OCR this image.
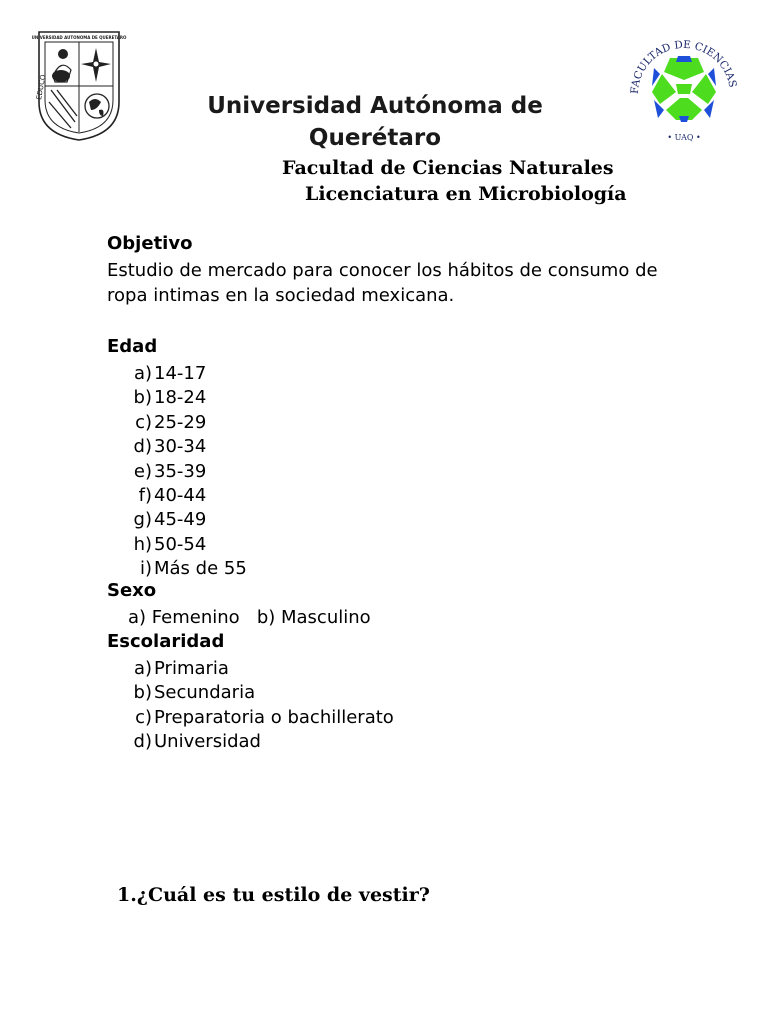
UNIVERSIDAD AUTONOMA DE QUERETARO
EDUCO	FACULTAD DE CIENCIAS
• UAQ •
Universidad Autónoma de Querétaro
Facultad de Ciencias Naturales
Licenciatura en Microbiología
Objetivo
Estudio de mercado para conocer los hábitos de consumo de ropa intimas en la sociedad mexicana.
Edad
a) 14-17
b) 18-24
c) 25-29
d) 30-34
e) 35-39
f) 40-44
g) 45-49
h) 50-54
i) Más de 55
Sexo
a) Femenino   b) Masculino
Escolaridad
a) Primaria
b) Secundaria
c) Preparatoria o bachillerato
d) Universidad
1.¿Cuál es tu estilo de vestir?
